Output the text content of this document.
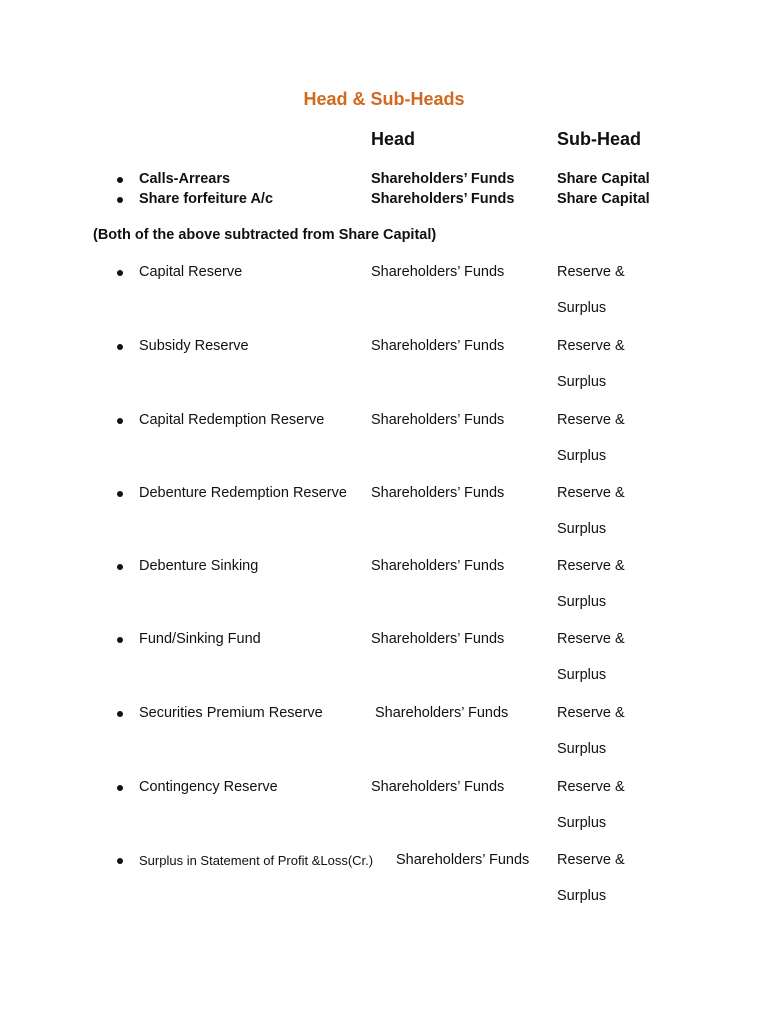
Head & Sub-Heads
Head	Sub-Head
Calls-Arrears	Shareholders’ Funds	Share Capital
Share forfeiture A/c	Shareholders’ Funds	Share Capital
(Both of the above subtracted from Share Capital)
Capital Reserve	Shareholders’ Funds	Reserve &
Surplus
Subsidy Reserve	Shareholders’ Funds	Reserve &
Surplus
Capital Redemption Reserve	Shareholders’ Funds	Reserve &
Surplus
Debenture Redemption Reserve Shareholders’ Funds	Reserve &
Surplus
Debenture Sinking	Shareholders’ Funds	Reserve &
Surplus
Fund/Sinking Fund	Shareholders’ Funds	Reserve &
Surplus
Securities Premium Reserve	Shareholders’ Funds	Reserve &
Surplus
Contingency Reserve	Shareholders’ Funds	Reserve &
Surplus
Surplus in Statement of Profit &Loss(Cr.) Shareholders’ Funds Reserve &
Surplus
